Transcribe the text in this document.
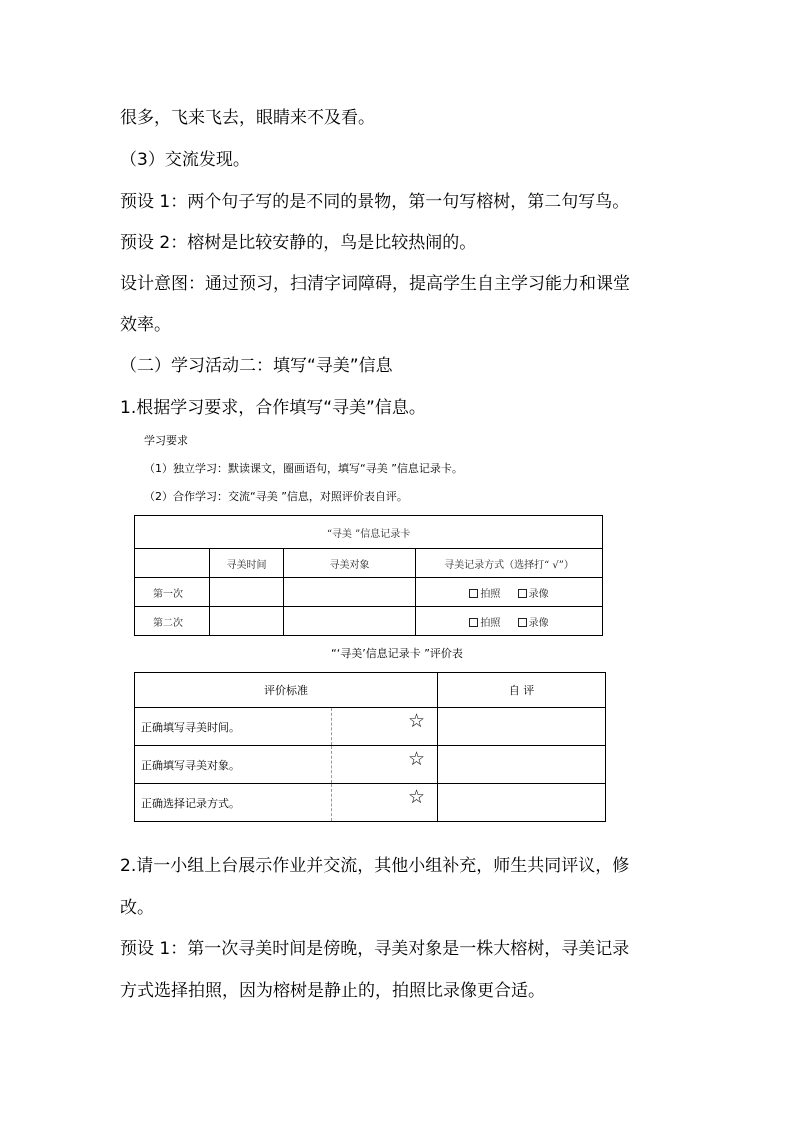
很多，飞来飞去，眼睛来不及看。
（3）交流发现。
预设 1：两个句子写的是不同的景物，第一句写榕树，第二句写鸟。
预设 2：榕树是比较安静的，鸟是比较热闹的。
设计意图：通过预习，扫清字词障碍，提高学生自主学习能力和课堂
效率。
（二）学习活动二：填写“寻美”信息
1.根据学习要求，合作填写“寻美”信息。
学习要求
（1）独立学习：默读课文，圈画语句，填写“寻美 ”信息记录卡。
（2）合作学习：交流“寻美 ”信息，对照评价表自评。
“寻美 ”信息记录卡			
	寻美时间	寻美对象	寻美记录方式（选择打“ √”）
第一次			拍照 录像
第二次			拍照 录像
“‘寻美’信息记录卡 ”评价表
评价标准		自 评
正确填写寻美时间。	☆	
正确填写寻美对象。	☆	
正确选择记录方式。	☆	
2.请一小组上台展示作业并交流，其他小组补充，师生共同评议，修
改。
预设 1：第一次寻美时间是傍晚，寻美对象是一株大榕树，寻美记录
方式选择拍照，因为榕树是静止的，拍照比录像更合适。
